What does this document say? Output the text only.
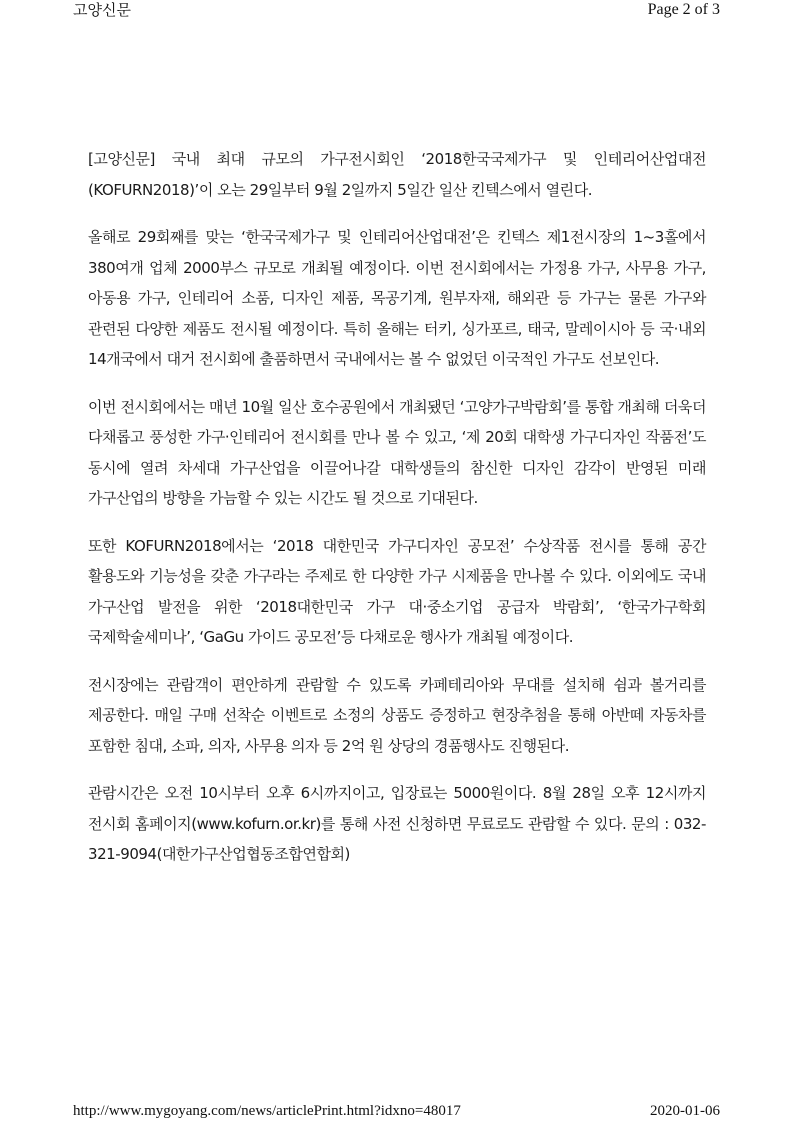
고양신문	Page 2 of 3

[고양신문] 국내 최대 규모의 가구전시회인 ‘2018한국국제가구 및 인테리어산업대전(KOFURN2018)’이 오는 29일부터 9월 2일까지 5일간 일산 킨텍스에서 열린다.

올해로 29회째를 맞는 ‘한국국제가구 및 인테리어산업대전’은 킨텍스 제1전시장의 1~3홀에서 380여개 업체 2000부스 규모로 개최될 예정이다. 이번 전시회에서는 가정용 가구, 사무용 가구, 아동용 가구, 인테리어 소품, 디자인 제품, 목공기계, 원부자재, 해외관 등 가구는 물론 가구와 관련된 다양한 제품도 전시될 예정이다. 특히 올해는 터키, 싱가포르, 태국, 말레이시아 등 국·내외 14개국에서 대거 전시회에 출품하면서 국내에서는 볼 수 없었던 이국적인 가구도 선보인다.

이번 전시회에서는 매년 10월 일산 호수공원에서 개최됐던 ‘고양가구박람회’를 통합 개최해 더욱더 다채롭고 풍성한 가구·인테리어 전시회를 만나 볼 수 있고, ‘제 20회 대학생 가구디자인 작품전’도 동시에 열려 차세대 가구산업을 이끌어나갈 대학생들의 참신한 디자인 감각이 반영된 미래 가구산업의 방향을 가늠할 수 있는 시간도 될 것으로 기대된다.

또한 KOFURN2018에서는 ‘2018 대한민국 가구디자인 공모전’ 수상작품 전시를 통해 공간 활용도와 기능성을 갖춘 가구라는 주제로 한 다양한 가구 시제품을 만나볼 수 있다. 이외에도 국내 가구산업 발전을 위한 ‘2018대한민국 가구 대·중소기업 공급자 박람회’, ‘한국가구학회 국제학술세미나’, ‘GaGu 가이드 공모전’등 다채로운 행사가 개최될 예정이다.

전시장에는 관람객이 편안하게 관람할 수 있도록 카페테리아와 무대를 설치해 쉼과 볼거리를 제공한다. 매일 구매 선착순 이벤트로 소정의 상품도 증정하고 현장추첨을 통해 아반떼 자동차를 포함한 침대, 소파, 의자, 사무용 의자 등 2억 원 상당의 경품행사도 진행된다.

관람시간은 오전 10시부터 오후 6시까지이고, 입장료는 5000원이다. 8월 28일 오후 12시까지 전시회 홈페이지(www.kofurn.or.kr)를 통해 사전 신청하면 무료로도 관람할 수 있다. 문의 : 032-321-9094(대한가구산업협동조합연합회)

http://www.mygoyang.com/news/articlePrint.html?idxno=48017	2020-01-06
